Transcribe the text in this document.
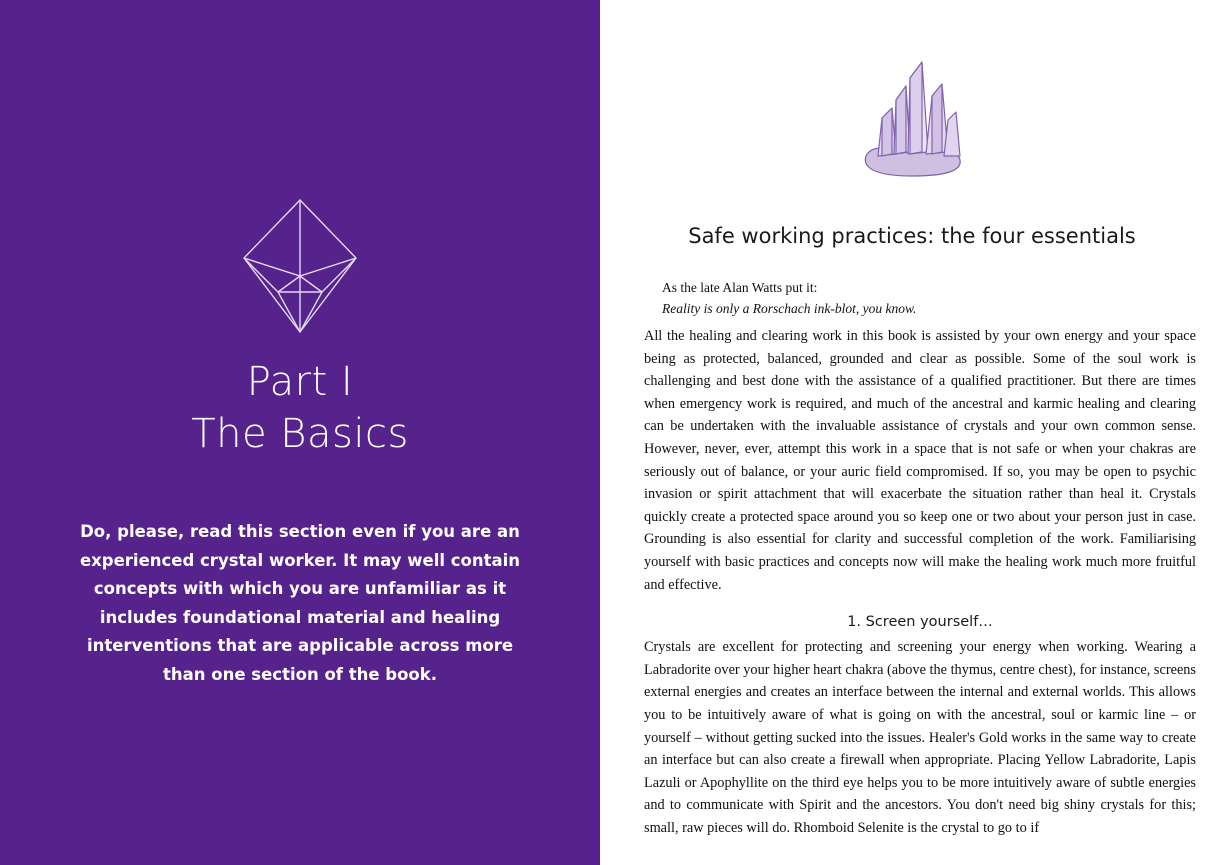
Part I
The Basics
Do, please, read this section even if you are an experienced crystal worker. It may well contain concepts with which you are unfamiliar as it includes foundational material and healing interventions that are applicable across more than one section of the book.
Safe working practices: the four essentials
As the late Alan Watts put it:
Reality is only a Rorschach ink-blot, you know.

All the healing and clearing work in this book is assisted by your own energy and your space being as protected, balanced, grounded and clear as possible. Some of the soul work is challenging and best done with the assistance of a qualified practitioner. But there are times when emergency work is required, and much of the ancestral and karmic healing and clearing can be undertaken with the invaluable assistance of crystals and your own common sense. However, never, ever, attempt this work in a space that is not safe or when your chakras are seriously out of balance, or your auric field compromised. If so, you may be open to psychic invasion or spirit attachment that will exacerbate the situation rather than heal it. Crystals quickly create a protected space around you so keep one or two about your person just in case. Grounding is also essential for clarity and successful completion of the work. Familiarising yourself with basic practices and concepts now will make the healing work much more fruitful and effective.

1. Screen yourself…

Crystals are excellent for protecting and screening your energy when working. Wearing a Labradorite over your higher heart chakra (above the thymus, centre chest), for instance, screens external energies and creates an interface between the internal and external worlds. This allows you to be intuitively aware of what is going on with the ancestral, soul or karmic line – or yourself – without getting sucked into the issues. Healer's Gold works in the same way to create an interface but can also create a firewall when appropriate. Placing Yellow Labradorite, Lapis Lazuli or Apophyllite on the third eye helps you to be more intuitively aware of subtle energies and to communicate with Spirit and the ancestors. You don't need big shiny crystals for this; small, raw pieces will do. Rhomboid Selenite is the crystal to go to if
